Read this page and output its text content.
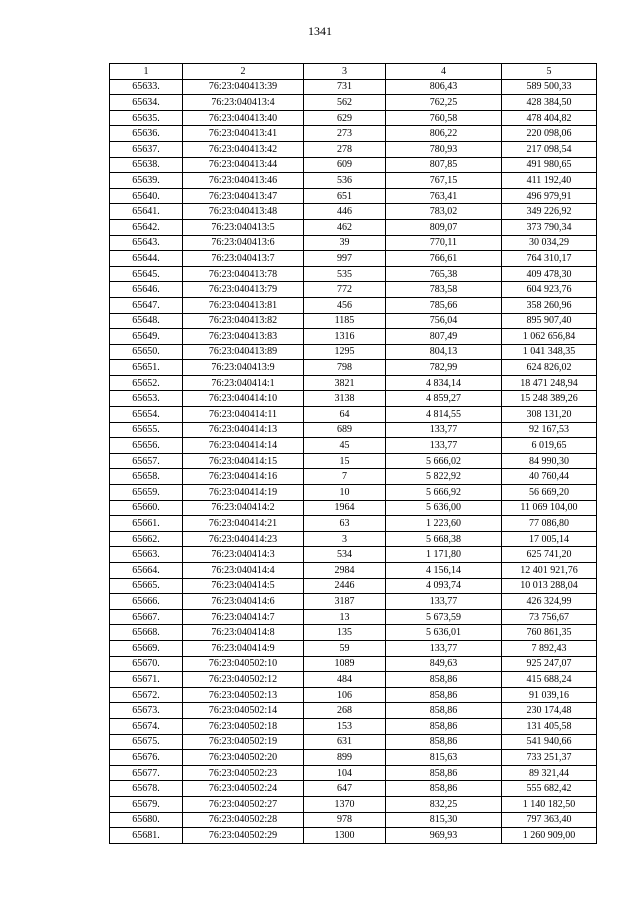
1341
1	2	3	4	5
65633.	76:23:040413:39	731	806,43	589 500,33
65634.	76:23:040413:4	562	762,25	428 384,50
65635.	76:23:040413:40	629	760,58	478 404,82
65636.	76:23:040413:41	273	806,22	220 098,06
65637.	76:23:040413:42	278	780,93	217 098,54
65638.	76:23:040413:44	609	807,85	491 980,65
65639.	76:23:040413:46	536	767,15	411 192,40
65640.	76:23:040413:47	651	763,41	496 979,91
65641.	76:23:040413:48	446	783,02	349 226,92
65642.	76:23:040413:5	462	809,07	373 790,34
65643.	76:23:040413:6	39	770,11	30 034,29
65644.	76:23:040413:7	997	766,61	764 310,17
65645.	76:23:040413:78	535	765,38	409 478,30
65646.	76:23:040413:79	772	783,58	604 923,76
65647.	76:23:040413:81	456	785,66	358 260,96
65648.	76:23:040413:82	1185	756,04	895 907,40
65649.	76:23:040413:83	1316	807,49	1 062 656,84
65650.	76:23:040413:89	1295	804,13	1 041 348,35
65651.	76:23:040413:9	798	782,99	624 826,02
65652.	76:23:040414:1	3821	4 834,14	18 471 248,94
65653.	76:23:040414:10	3138	4 859,27	15 248 389,26
65654.	76:23:040414:11	64	4 814,55	308 131,20
65655.	76:23:040414:13	689	133,77	92 167,53
65656.	76:23:040414:14	45	133,77	6 019,65
65657.	76:23:040414:15	15	5 666,02	84 990,30
65658.	76:23:040414:16	7	5 822,92	40 760,44
65659.	76:23:040414:19	10	5 666,92	56 669,20
65660.	76:23:040414:2	1964	5 636,00	11 069 104,00
65661.	76:23:040414:21	63	1 223,60	77 086,80
65662.	76:23:040414:23	3	5 668,38	17 005,14
65663.	76:23:040414:3	534	1 171,80	625 741,20
65664.	76:23:040414:4	2984	4 156,14	12 401 921,76
65665.	76:23:040414:5	2446	4 093,74	10 013 288,04
65666.	76:23:040414:6	3187	133,77	426 324,99
65667.	76:23:040414:7	13	5 673,59	73 756,67
65668.	76:23:040414:8	135	5 636,01	760 861,35
65669.	76:23:040414:9	59	133,77	7 892,43
65670.	76:23:040502:10	1089	849,63	925 247,07
65671.	76:23:040502:12	484	858,86	415 688,24
65672.	76:23:040502:13	106	858,86	91 039,16
65673.	76:23:040502:14	268	858,86	230 174,48
65674.	76:23:040502:18	153	858,86	131 405,58
65675.	76:23:040502:19	631	858,86	541 940,66
65676.	76:23:040502:20	899	815,63	733 251,37
65677.	76:23:040502:23	104	858,86	89 321,44
65678.	76:23:040502:24	647	858,86	555 682,42
65679.	76:23:040502:27	1370	832,25	1 140 182,50
65680.	76:23:040502:28	978	815,30	797 363,40
65681.	76:23:040502:29	1300	969,93	1 260 909,00
